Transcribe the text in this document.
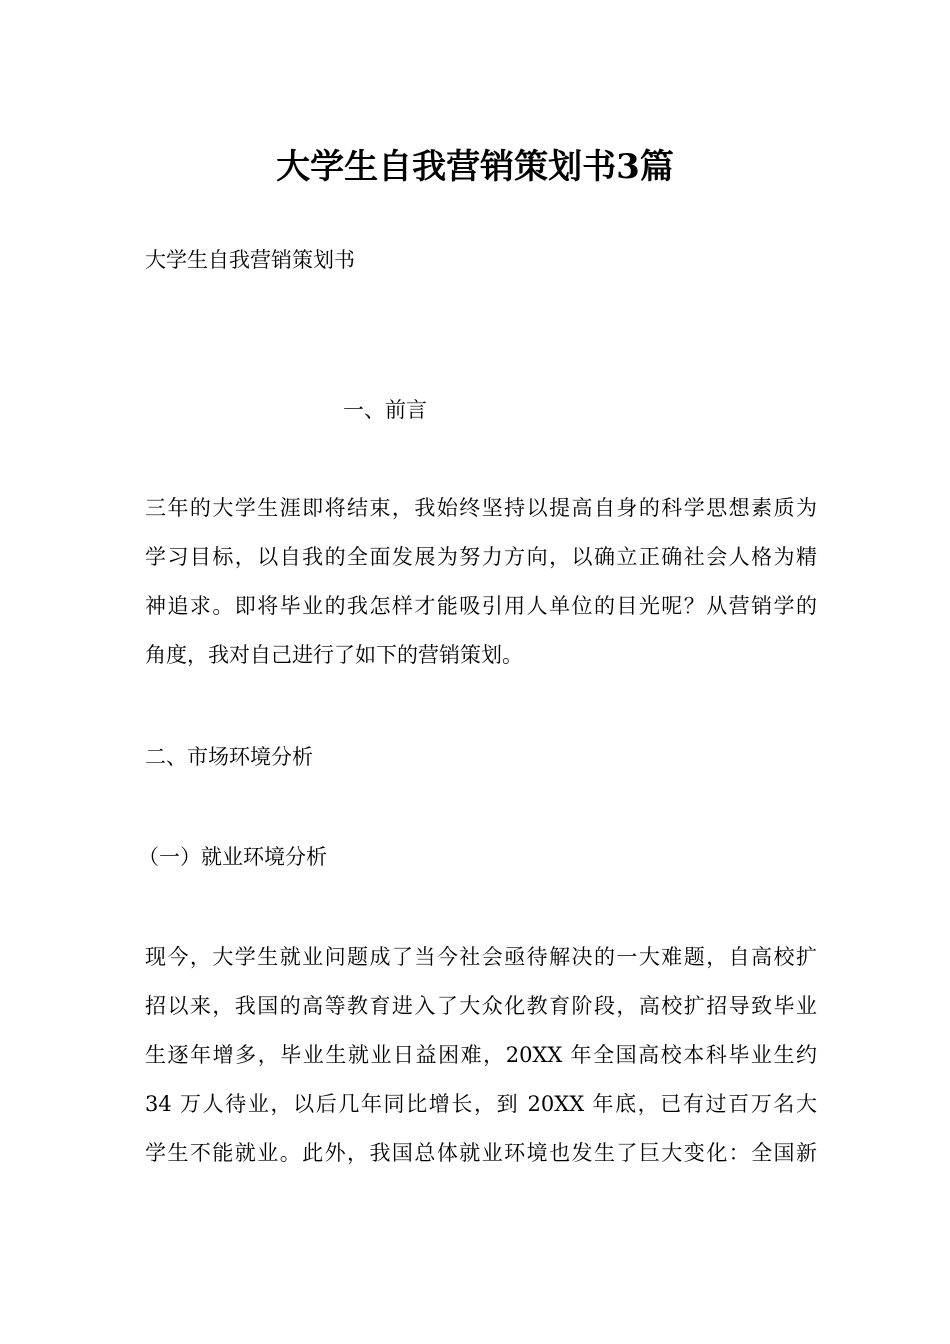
大学生自我营销策划书3篇

大学生自我营销策划书

一、前言

三年的大学生涯即将结束，我始终坚持以提高自身的科学思想素质为
学习目标，以自我的全面发展为努力方向，以确立正确社会人格为精
神追求。即将毕业的我怎样才能吸引用人单位的目光呢？从营销学的
角度，我对自己进行了如下的营销策划。

二、市场环境分析

（一）就业环境分析

现今，大学生就业问题成了当今社会亟待解决的一大难题，自高校扩
招以来，我国的高等教育进入了大众化教育阶段，高校扩招导致毕业
生逐年增多，毕业生就业日益困难，20XX 年全国高校本科毕业生约
34 万人待业，以后几年同比增长，到 20XX 年底，已有过百万名大
学生不能就业。此外，我国总体就业环境也发生了巨大变化：全国新
